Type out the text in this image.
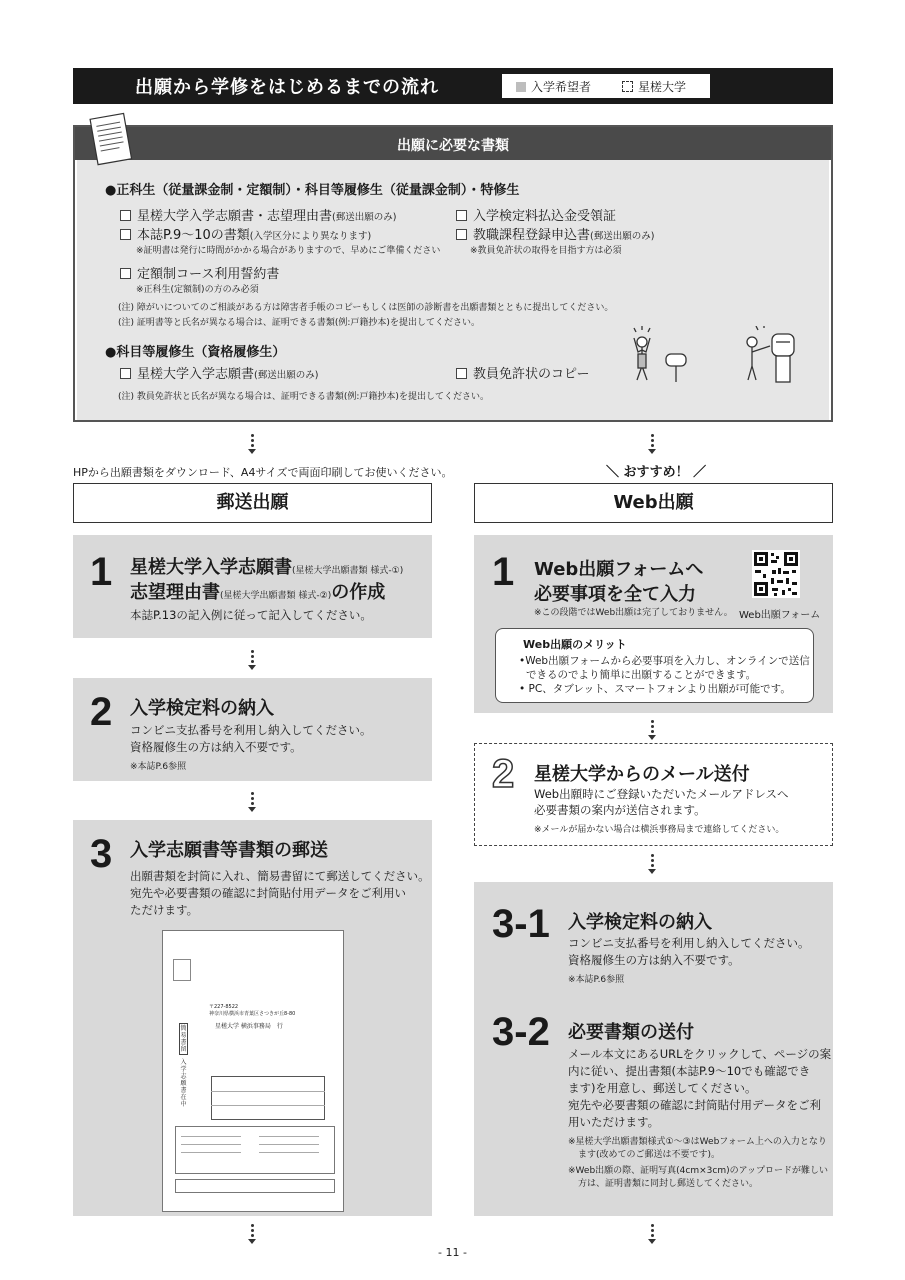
出願から学修をはじめるまでの流れ	入学希望者	星槎大学
出願に必要な書類
●正科生（従量課金制・定額制）・科目等履修生（従量課金制）・特修生
星槎大学入学志願書・志望理由書(郵送出願のみ)
本誌P.9〜10の書類(入学区分により異なります)
※証明書は発行に時間がかかる場合がありますので、早めにご準備ください
定額制コース利用誓約書
※正科生(定額制)の方のみ必須
入学検定料払込金受領証
教職課程登録申込書(郵送出願のみ)
※教員免許状の取得を目指す方は必須
(注) 障がいについてのご相談がある方は障害者手帳のコピーもしくは医師の診断書を出願書類とともに提出してください。
(注) 証明書等と氏名が異なる場合は、証明できる書類(例:戸籍抄本)を提出してください。
●科目等履修生（資格履修生）
星槎大学入学志願書(郵送出願のみ)	教員免許状のコピー
(注) 教員免許状と氏名が異なる場合は、証明できる書類(例:戸籍抄本)を提出してください。
HPから出願書類をダウンロード、A4サイズで両面印刷してお使いください。
郵送出願
1 星槎大学入学志願書(星槎大学出願書類 様式-①)
志望理由書(星槎大学出願書類 様式-②)の作成
本誌P.13の記入例に従って記入してください。
2 入学検定料の納入
コンビニ支払番号を利用し納入してください。
資格履修生の方は納入不要です。
※本誌P.6参照
3 入学志願書等書類の郵送
出願書類を封筒に入れ、簡易書留にて郵送してください。
宛先や必要書類の確認に封筒貼付用データをご利用い
ただけます。
〒227-8522
神奈川県横浜市青葉区さつきが丘8-80
星槎大学 横浜事務局　行
簡易書留
入学志願書在中
＼ おすすめ！ ／
Web出願
1 Web出願フォームへ
必要事項を全て入力
※この段階ではWeb出願は完了しておりません。 Web出願フォーム
Web出願のメリット
•Web出願フォームから必要事項を入力し、オンラインで送信
できるのでより簡単に出願することができます。
• PC、タブレット、スマートフォンより出願が可能です。
2 星槎大学からのメール送付
Web出願時にご登録いただいたメールアドレスへ
必要書類の案内が送信されます。
※メールが届かない場合は横浜事務局まで連絡してください。
3-1 入学検定料の納入
コンビニ支払番号を利用し納入してください。
資格履修生の方は納入不要です。
※本誌P.6参照
3-2 必要書類の送付
メール本文にあるURLをクリックして、ページの案
内に従い、提出書類(本誌P.9〜10でも確認でき
ます)を用意し、郵送してください。
宛先や必要書類の確認に封筒貼付用データをご利
用いただけます。
※星槎大学出願書類様式①〜③はWebフォーム上への入力となり
ます(改めてのご郵送は不要です)。
※Web出願の際、証明写真(4cm×3cm)のアップロードが難しい
方は、証明書類に同封し郵送してください。
- 11 -
